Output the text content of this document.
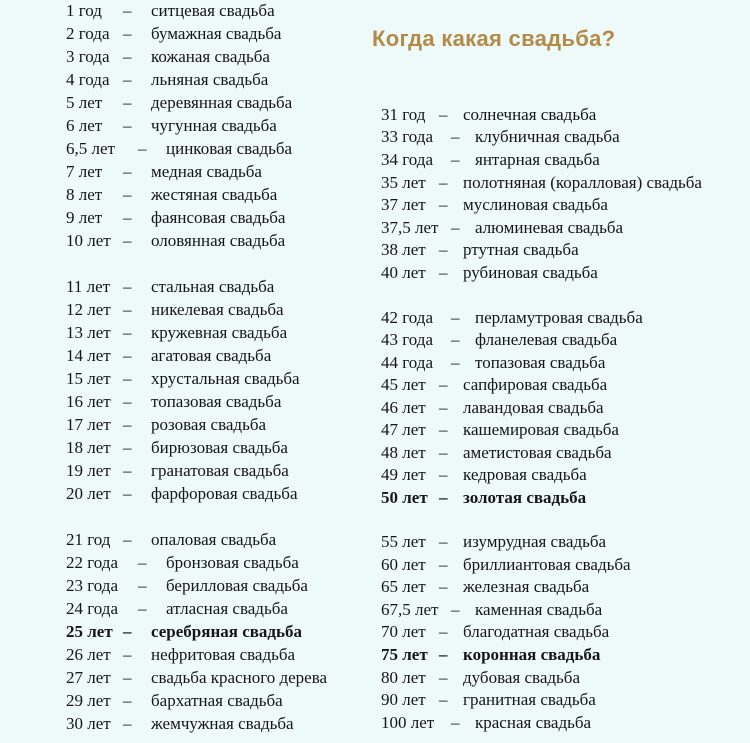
Когда какая свадьба?
1 год – ситцевая свадьба
2 года – бумажная свадьба
3 года – кожаная свадьба
4 года – льняная свадьба
5 лет – деревянная свадьба
6 лет – чугунная свадьба
6,5 лет – цинковая свадьба
7 лет – медная свадьба
8 лет – жестяная свадьба
9 лет – фаянсовая свадьба
10 лет – оловянная свадьба
11 лет – стальная свадьба
12 лет – никелевая свадьба
13 лет – кружевная свадьба
14 лет – агатовая свадьба
15 лет – хрустальная свадьба
16 лет – топазовая свадьба
17 лет – розовая свадьба
18 лет – бирюзовая свадьба
19 лет – гранатовая свадьба
20 лет – фарфоровая свадьба
21 год – опаловая свадьба
22 года – бронзовая свадьба
23 года – берилловая свадьба
24 года – атласная свадьба
25 лет – серебряная свадьба
26 лет – нефритовая свадьба
27 лет – свадьба красного дерева
29 лет – бархатная свадьба
30 лет – жемчужная свадьба
31 год – солнечная свадьба
33 года – клубничная свадьба
34 года – янтарная свадьба
35 лет – полотняная (коралловая) свадьба
37 лет – муслиновая свадьба
37,5 лет – алюминевая свадьба
38 лет – ртутная свадьба
40 лет – рубиновая свадьба
42 года – перламутровая свадьба
43 года – фланелевая свадьба
44 года – топазовая свадьба
45 лет – сапфировая свадьба
46 лет – лавандовая свадьба
47 лет – кашемировая свадьба
48 лет – аметистовая свадьба
49 лет – кедровая свадьба
50 лет – золотая свадьба
55 лет – изумрудная свадьба
60 лет – бриллиантовая свадьба
65 лет – железная свадьба
67,5 лет – каменная свадьба
70 лет – благодатная свадьба
75 лет – коронная свадьба
80 лет – дубовая свадьба
90 лет – гранитная свадьба
100 лет – красная свадьба
